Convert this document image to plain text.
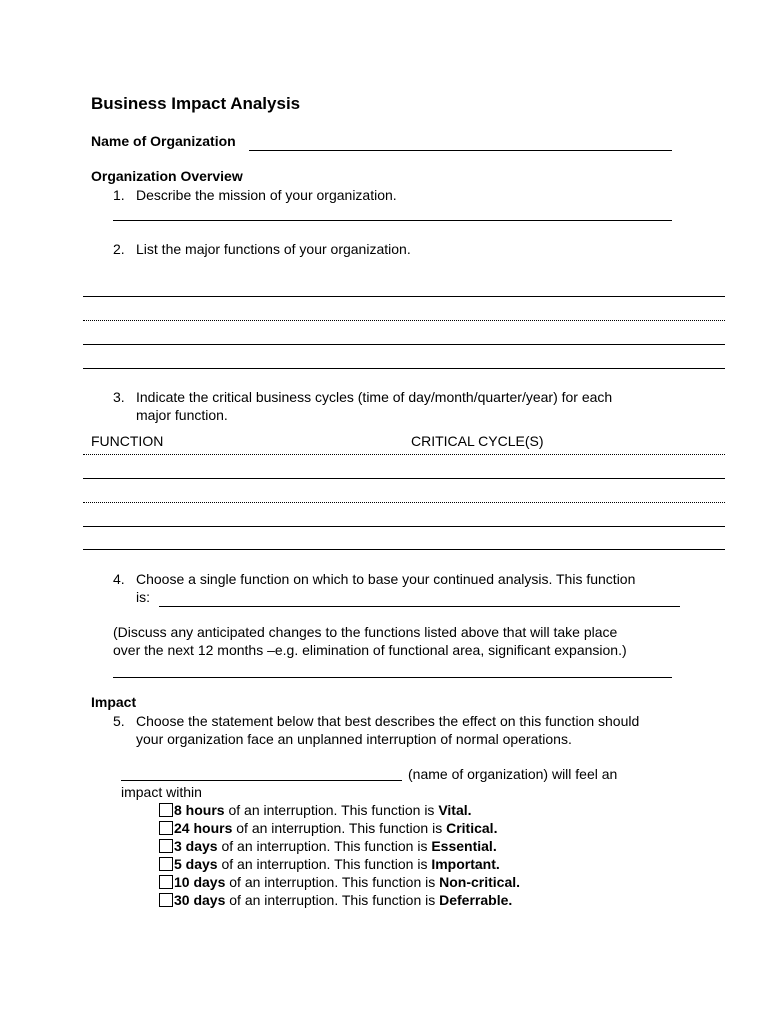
Business Impact Analysis
Name of Organization
Organization Overview
1. Describe the mission of your organization.
2. List the major functions of your organization.
3. Indicate the critical business cycles (time of day/month/quarter/year) for each
major function.
FUNCTION	CRITICAL CYCLE(S)
4. Choose a single function on which to base your continued analysis. This function
is:
(Discuss any anticipated changes to the functions listed above that will take place
over the next 12 months –e.g. elimination of functional area, significant expansion.)
Impact
5. Choose the statement below that best describes the effect on this function should
your organization face an unplanned interruption of normal operations.
(name of organization) will feel an
impact within
8 hours of an interruption. This function is Vital.
24 hours of an interruption. This function is Critical.
3 days of an interruption. This function is Essential.
5 days of an interruption. This function is Important.
10 days of an interruption. This function is Non-critical.
30 days of an interruption. This function is Deferrable.
